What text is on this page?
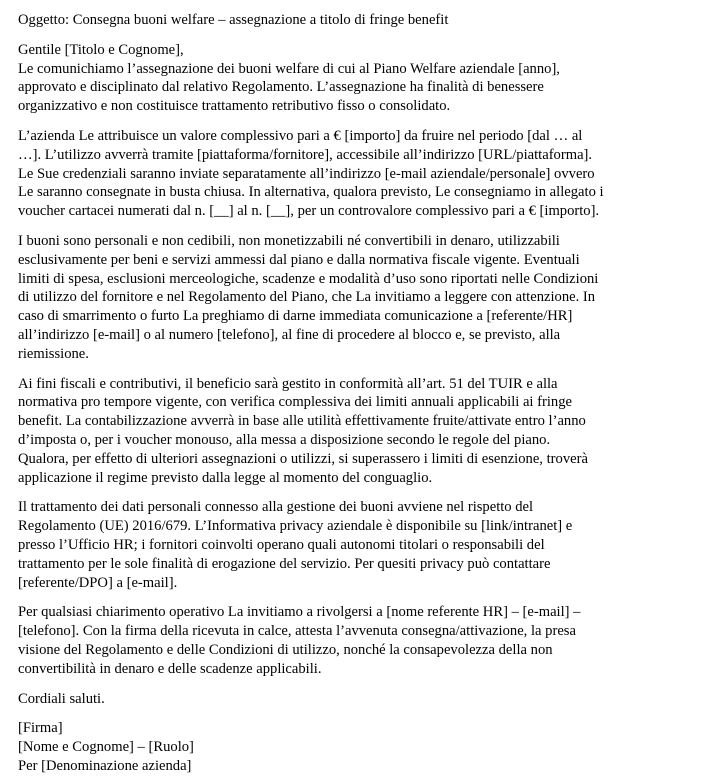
Oggetto: Consegna buoni welfare – assegnazione a titolo di fringe benefit
Gentile [Titolo e Cognome],
Le comunichiamo l’assegnazione dei buoni welfare di cui al Piano Welfare aziendale [anno],
approvato e disciplinato dal relativo Regolamento. L’assegnazione ha finalità di benessere
organizzativo e non costituisce trattamento retributivo fisso o consolidato.
L’azienda Le attribuisce un valore complessivo pari a € [importo] da fruire nel periodo [dal … al
…]. L’utilizzo avverrà tramite [piattaforma/fornitore], accessibile all’indirizzo [URL/piattaforma].
Le Sue credenziali saranno inviate separatamente all’indirizzo [e-mail aziendale/personale] ovvero
Le saranno consegnate in busta chiusa. In alternativa, qualora previsto, Le consegniamo in allegato i
voucher cartacei numerati dal n. [__] al n. [__], per un controvalore complessivo pari a € [importo].
I buoni sono personali e non cedibili, non monetizzabili né convertibili in denaro, utilizzabili
esclusivamente per beni e servizi ammessi dal piano e dalla normativa fiscale vigente. Eventuali
limiti di spesa, esclusioni merceologiche, scadenze e modalità d’uso sono riportati nelle Condizioni
di utilizzo del fornitore e nel Regolamento del Piano, che La invitiamo a leggere con attenzione. In
caso di smarrimento o furto La preghiamo di darne immediata comunicazione a [referente/HR]
all’indirizzo [e-mail] o al numero [telefono], al fine di procedere al blocco e, se previsto, alla
riemissione.
Ai fini fiscali e contributivi, il beneficio sarà gestito in conformità all’art. 51 del TUIR e alla
normativa pro tempore vigente, con verifica complessiva dei limiti annuali applicabili ai fringe
benefit. La contabilizzazione avverrà in base alle utilità effettivamente fruite/attivate entro l’anno
d’imposta o, per i voucher monouso, alla messa a disposizione secondo le regole del piano.
Qualora, per effetto di ulteriori assegnazioni o utilizzi, si superassero i limiti di esenzione, troverà
applicazione il regime previsto dalla legge al momento del conguaglio.
Il trattamento dei dati personali connesso alla gestione dei buoni avviene nel rispetto del
Regolamento (UE) 2016/679. L’Informativa privacy aziendale è disponibile su [link/intranet] e
presso l’Ufficio HR; i fornitori coinvolti operano quali autonomi titolari o responsabili del
trattamento per le sole finalità di erogazione del servizio. Per quesiti privacy può contattare
[referente/DPO] a [e-mail].
Per qualsiasi chiarimento operativo La invitiamo a rivolgersi a [nome referente HR] – [e-mail] –
[telefono]. Con la firma della ricevuta in calce, attesta l’avvenuta consegna/attivazione, la presa
visione del Regolamento e delle Condizioni di utilizzo, nonché la consapevolezza della non
convertibilità in denaro e delle scadenze applicabili.
Cordiali saluti.
[Firma]
[Nome e Cognome] – [Ruolo]
Per [Denominazione azienda]
